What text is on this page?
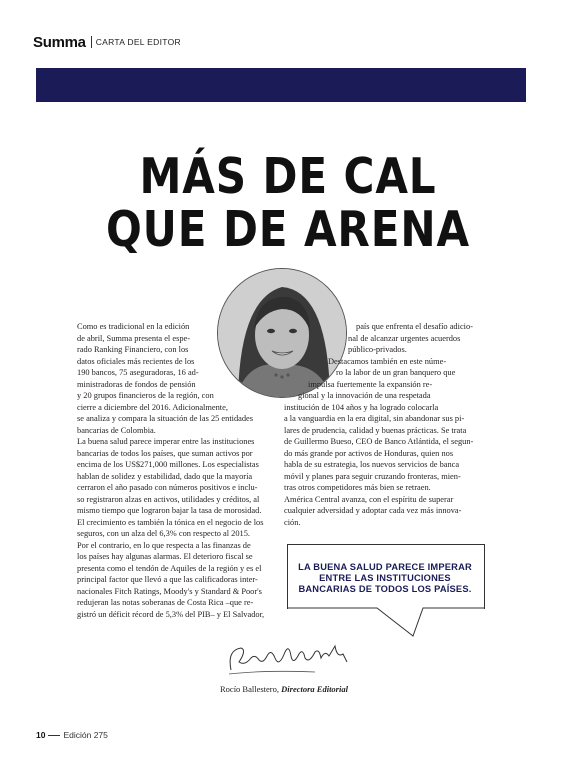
Summa CARTA DEL EDITOR
MÁS DE CAL
QUE DE ARENA
Como es tradicional en la edición
de abril, Summa presenta el espe-
rado Ranking Financiero, con los
datos oficiales más recientes de los
190 bancos, 75 aseguradoras, 16 ad-
ministradoras de fondos de pensión
y 20 grupos financieros de la región, con
cierre a diciembre del 2016. Adicionalmente,
se analiza y compara la situación de las 25 entidades
bancarias de Colombia.
La buena salud parece imperar entre las instituciones
bancarias de todos los países, que suman activos por
encima de los US$271,000 millones. Los especialistas
hablan de solidez y estabilidad, dado que la mayoría
cerraron el año pasado con números positivos e inclu-
so registraron alzas en activos, utilidades y créditos, al
mismo tiempo que lograron bajar la tasa de morosidad.
El crecimiento es también la tónica en el negocio de los
seguros, con un alza del 6,3% con respecto al 2015.
Por el contrario, en lo que respecta a las finanzas de
los países hay algunas alarmas. El deterioro fiscal se
presenta como el tendón de Aquiles de la región y es el
principal factor que llevó a que las calificadoras inter-
nacionales Fitch Ratings, Moody's y Standard & Poor's
redujeran las notas soberanas de Costa Rica –que re-
gistró un déficit récord de 5,3% del PIB– y El Salvador,
país que enfrenta el desafío adicio-
nal de alcanzar urgentes acuerdos
público-privados.
Destacamos también en este núme-
ro la labor de un gran banquero que
impulsa fuertemente la expansión re-
gional y la innovación de una respetada
institución de 104 años y ha logrado colocarla
a la vanguardia en la era digital, sin abandonar sus pi-
lares de prudencia, calidad y buenas prácticas. Se trata
de Guillermo Bueso, CEO de Banco Atlántida, el segun-
do más grande por activos de Honduras, quien nos
habla de su estrategia, los nuevos servicios de banca
móvil y planes para seguir cruzando fronteras, mien-
tras otros competidores más bien se retraen.
América Central avanza, con el espíritu de superar
cualquier adversidad y adoptar cada vez más innova-
ción.
LA BUENA SALUD PARECE IMPERAR
ENTRE LAS INSTITUCIONES
BANCARIAS DE TODOS LOS PAÍSES.
Rocío Ballestero, Directora Editorial
10 Edición 275
